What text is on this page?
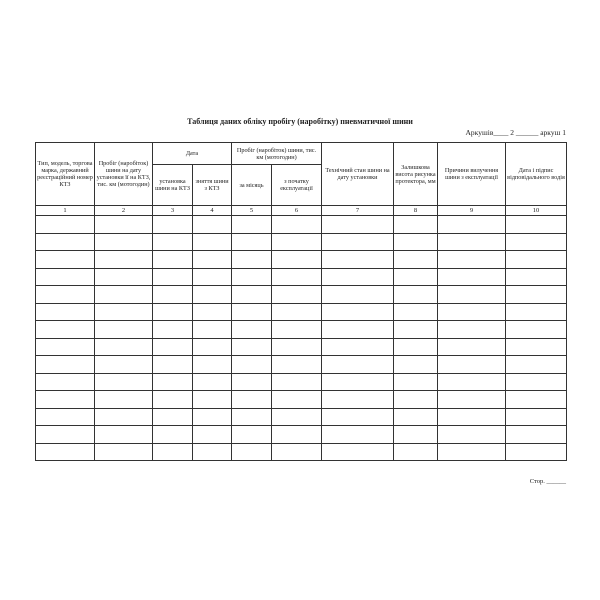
Таблиця даних обліку пробігу (наробітку) пневматичної шини
Аркушів____ 2 ______ аркуш 1
Тип, модель, торгова марка, державний реєстраційний номер КТЗ	Пробіг (наробіток) шини на дату установки її на КТЗ, тис. км (мотогодин)	Дата		Пробіг (наробіток) шини, тис. км (мотогодин)		Технічний стан шини на дату установки	Залишкова висота рисунка протектора, мм	Причини вилучення шини з експлуатації	Дата і підпис відповідального водія
		установка шини на КТЗ	зняття шини з КТЗ	за місяць	з початку експлуатації				
1	2	3	4	5	6	7	8	9	10

Стор. ______
